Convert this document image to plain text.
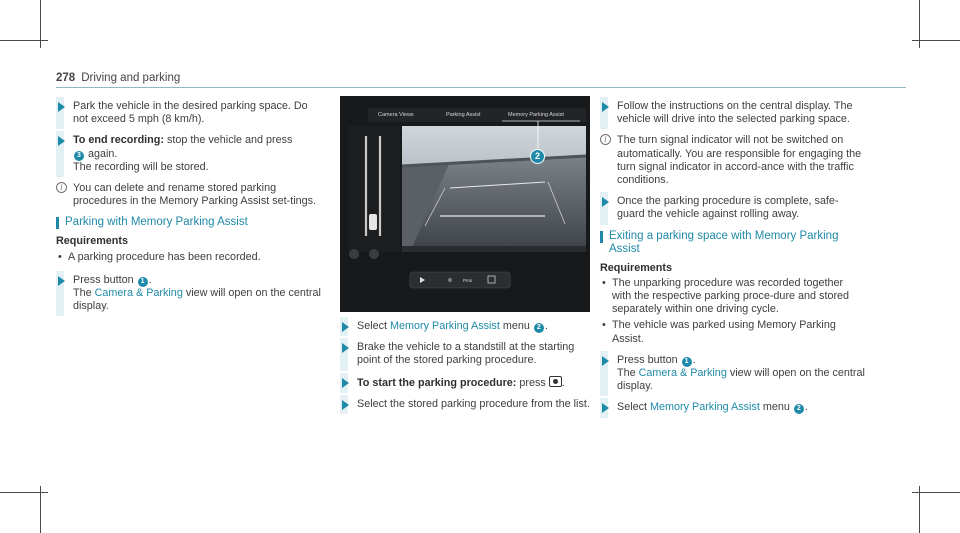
278 Driving and parking
Park the vehicle in the desired parking space. Do not exceed 5 mph (8 km/h).
To end recording: stop the vehicle and press
3 again.
The recording will be stored.
i You can delete and rename stored parking procedures in the Memory Parking Assist set-tings.
Parking with Memory Parking Assist
Requirements
• A parking procedure has been recorded.
Press button 1 .
The Camera & Parking view will open on the central display.
Camera Views	Parking Assist	Memory Parking Assist
2
Pms
Select Memory Parking Assist menu 2 .
Brake the vehicle to a standstill at the starting point of the stored parking procedure.
To start the parking procedure: press .
Select the stored parking procedure from the list.
Follow the instructions on the central display. The vehicle will drive into the selected parking space.
i The turn signal indicator will not be switched on automatically. You are responsible for engaging the turn signal indicator in accord-ance with the traffic conditions.
Once the parking procedure is complete, safe-guard the vehicle against rolling away.
Exiting a parking space with Memory Parking Assist
Requirements
• The unparking procedure was recorded together with the respective parking proce-dure and stored separately within one driving cycle.
• The vehicle was parked using Memory Parking Assist.
Press button 1 .
The Camera & Parking view will open on the central display.
Select Memory Parking Assist menu 2 .
